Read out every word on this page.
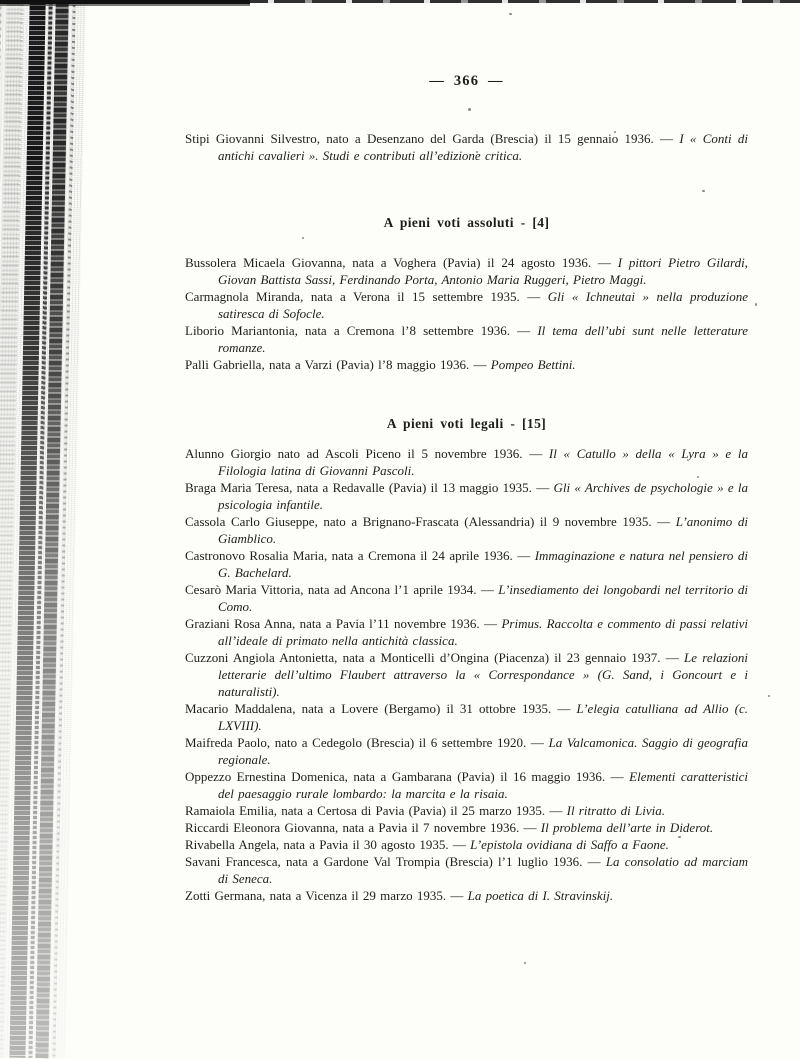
— 366 —

Stipi Giovanni Silvestro, nato a Desenzano del Garda (Brescia) il 15 gennaio 1936. — I « Conti di antichi cavalieri ». Studi e contributi all’edizione critica.

A pieni voti assoluti - [4]

Bussolera Micaela Giovanna, nata a Voghera (Pavia) il 24 agosto 1936. — I pittori Pietro Gilardi, Giovan Battista Sassi, Ferdinando Porta, Antonio Maria Ruggeri, Pietro Maggi.

Carmagnola Miranda, nata a Verona il 15 settembre 1935. — Gli « Ichneutai » nella produzione satiresca di Sofocle.

Liborio Mariantonia, nata a Cremona l’8 settembre 1936. — Il tema dell’ubi sunt nelle letterature romanze.

Palli Gabriella, nata a Varzi (Pavia) l’8 maggio 1936. — Pompeo Bettini.

A pieni voti legali - [15]

Alunno Giorgio nato ad Ascoli Piceno il 5 novembre 1936. — Il « Catullo » della « Lyra » e la Filologia latina di Giovanni Pascoli.

Braga Maria Teresa, nata a Redavalle (Pavia) il 13 maggio 1935. — Gli « Archives de psychologie » e la psicologia infantile.

Cassola Carlo Giuseppe, nato a Brignano-Frascata (Alessandria) il 9 novembre 1935. — L’anonimo di Giamblico.

Castronovo Rosalia Maria, nata a Cremona il 24 aprile 1936. — Immaginazione e natura nel pensiero di G. Bachelard.

Cesarò Maria Vittoria, nata ad Ancona l’1 aprile 1934. — L’insediamento dei longobardi nel territorio di Como.

Graziani Rosa Anna, nata a Pavia l’11 novembre 1936. — Primus. Raccolta e commento di passi relativi all’ideale di primato nella antichità classica.

Cuzzoni Angiola Antonietta, nata a Monticelli d’Ongina (Piacenza) il 23 gennaio 1937. — Le relazioni letterarie dell’ultimo Flaubert attraverso la « Correspondance » (G. Sand, i Goncourt e i naturalisti).

Macario Maddalena, nata a Lovere (Bergamo) il 31 ottobre 1935. — L’elegia catulliana ad Allio (c. LXVIII).

Maifreda Paolo, nato a Cedegolo (Brescia) il 6 settembre 1920. — La Valcamonica. Saggio di geografia regionale.

Oppezzo Ernestina Domenica, nata a Gambarana (Pavia) il 16 maggio 1936. — Elementi caratteristici del paesaggio rurale lombardo: la marcita e la risaia.

Ramaiola Emilia, nata a Certosa di Pavia (Pavia) il 25 marzo 1935. — Il ritratto di Livia.

Riccardi Eleonora Giovanna, nata a Pavia il 7 novembre 1936. — Il problema dell’arte in Diderot.

Rivabella Angela, nata a Pavia il 30 agosto 1935. — L’epistola ovidiana di Saffo a Faone.

Savani Francesca, nata a Gardone Val Trompia (Brescia) l’1 luglio 1936. — La consolatio ad marciam di Seneca.

Zotti Germana, nata a Vicenza il 29 marzo 1935. — La poetica di I. Stravinskij.
